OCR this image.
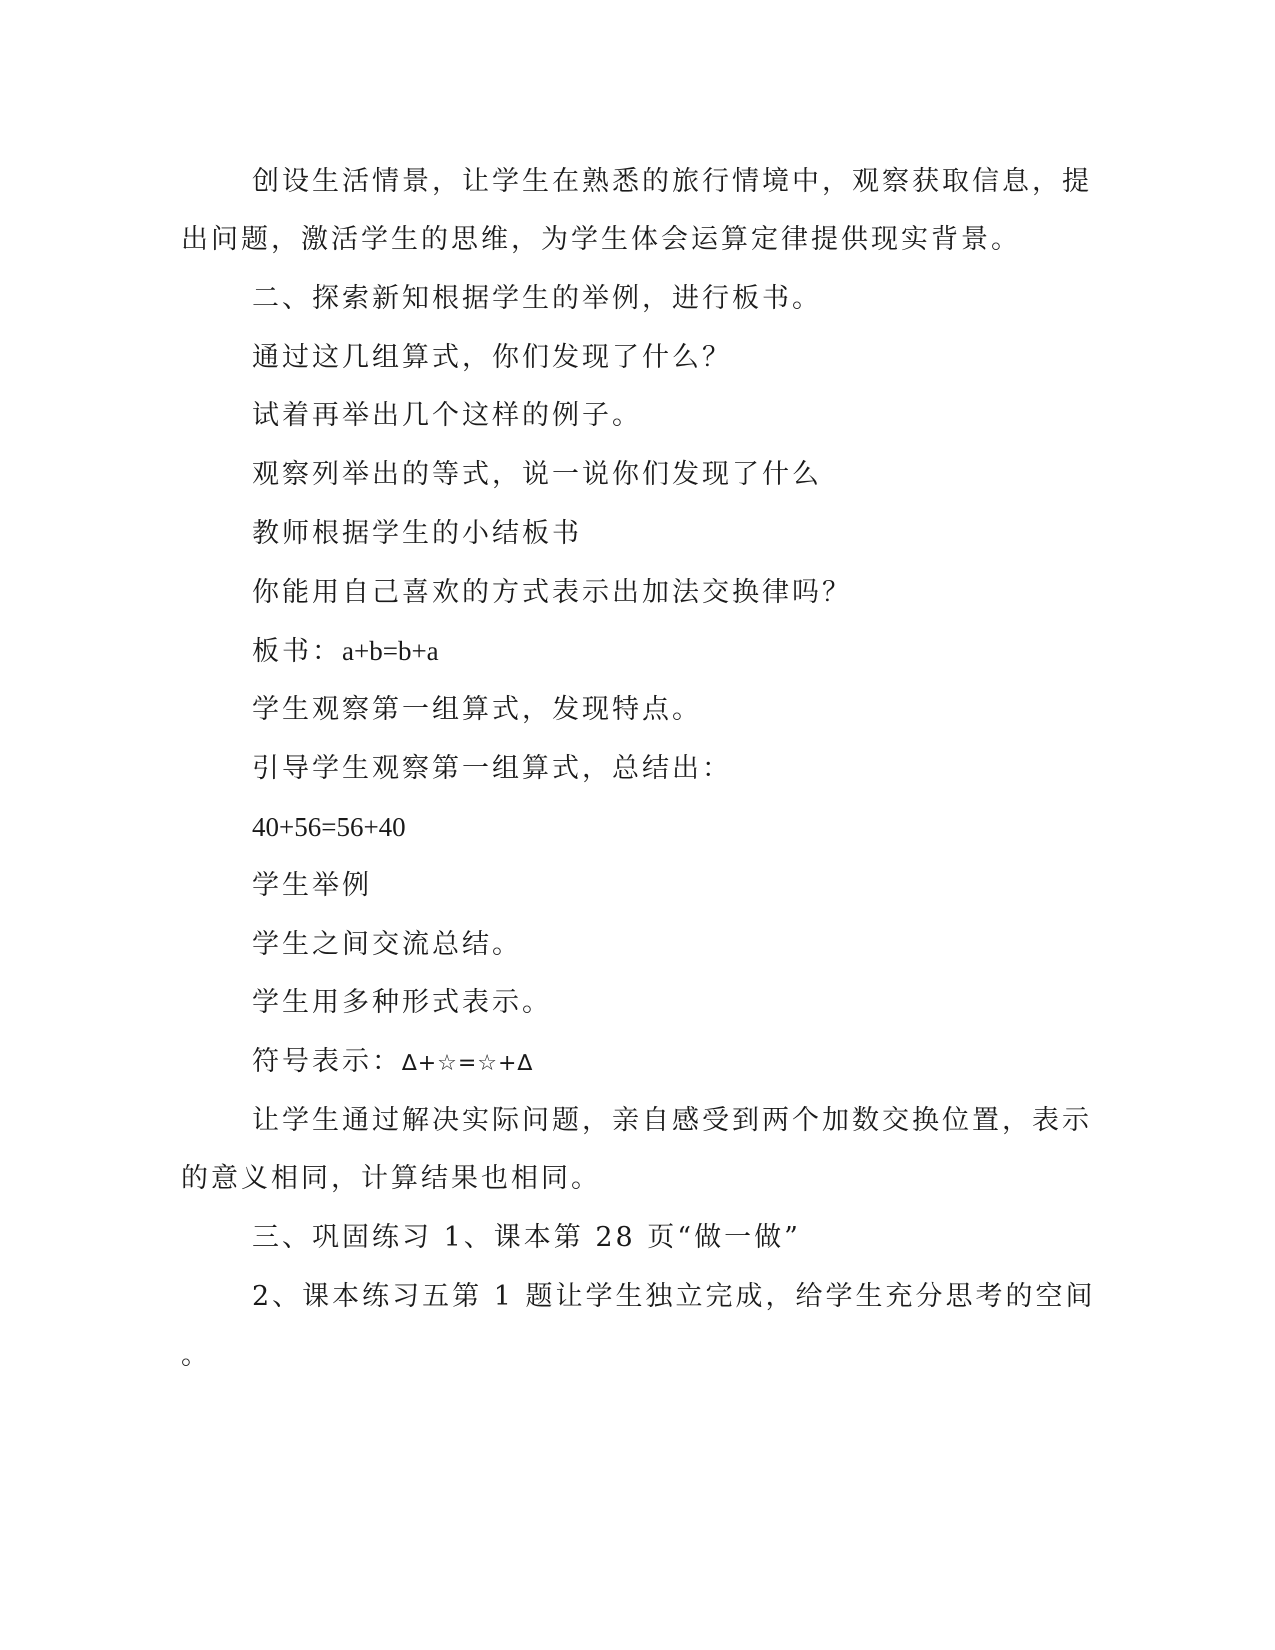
创设生活情景，让学生在熟悉的旅行情境中，观察获取信息，提
出问题，激活学生的思维，为学生体会运算定律提供现实背景。
二、探索新知根据学生的举例，进行板书。
通过这几组算式，你们发现了什么？
试着再举出几个这样的例子。
观察列举出的等式，说一说你们发现了什么
教师根据学生的小结板书
你能用自己喜欢的方式表示出加法交换律吗？
板书：a+b=b+a
学生观察第一组算式，发现特点。
引导学生观察第一组算式，总结出：
40+56=56+40
学生举例
学生之间交流总结。
学生用多种形式表示。
符号表示：∆+☆=☆+∆
让学生通过解决实际问题，亲自感受到两个加数交换位置，表示
的意义相同，计算结果也相同。
三、巩固练习 1、课本第 28 页“做一做”
2、课本练习五第 1 题让学生独立完成，给学生充分思考的空间
。
